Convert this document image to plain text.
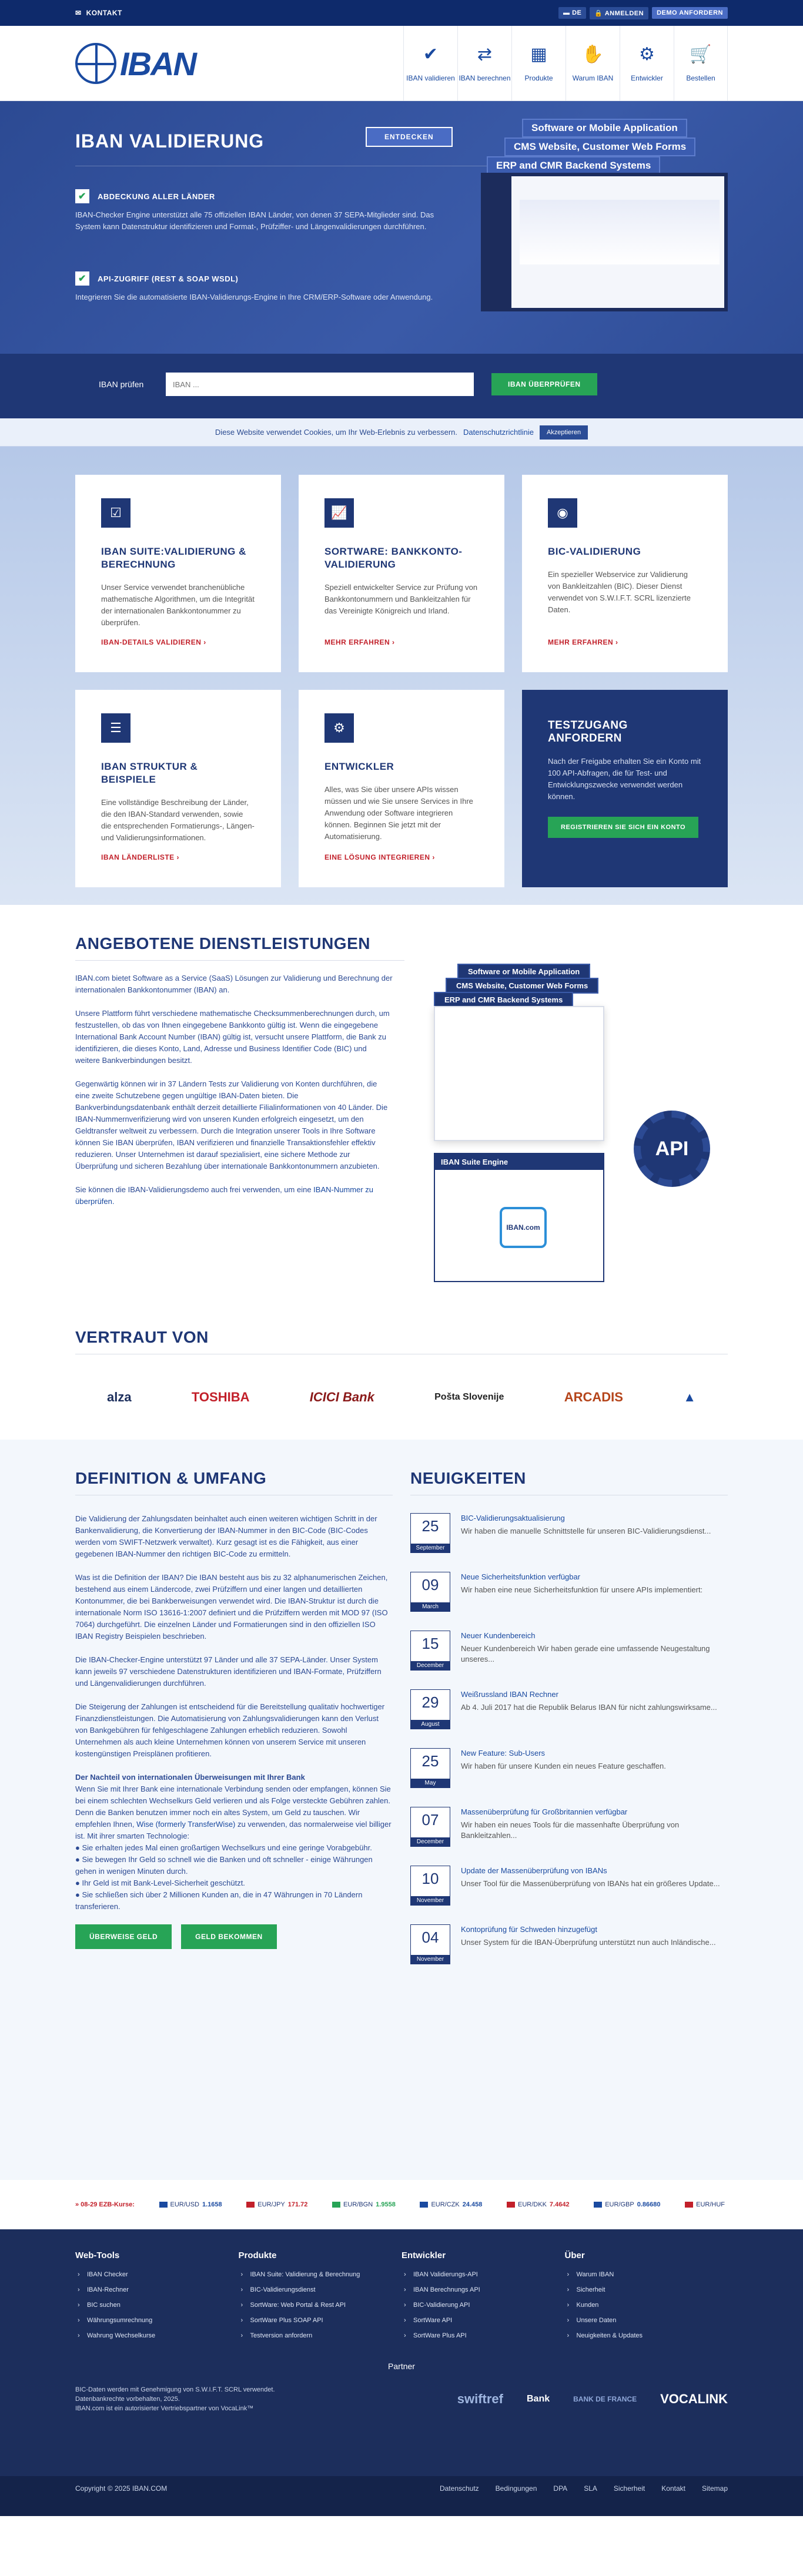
✉ KONTAKT	▬ DE	🔒 ANMELDEN	DEMO ANFORDERN
IBAN	✔
IBAN validieren
⇄
IBAN berechnen
▦
Produkte
✋
Warum IBAN
⚙
Entwickler
🛒
Bestellen
IBAN VALIDIERUNG	ENTDECKEN
✔	ABDECKUNG ALLER LÄNDER

IBAN-Checker Engine unterstützt alle 75 offiziellen IBAN Länder, von denen 37 SEPA-Mitglieder sind. Das System kann Datenstruktur identifizieren und Format-, Prüfziffer- und Längenvalidierungen durchführen.

✔	API-ZUGRIFF (REST & SOAP WSDL)

Integrieren Sie die automatisierte IBAN-Validierungs-Engine in Ihre CRM/ERP-Software oder Anwendung.

Software or Mobile Application
CMS Website, Customer Web Forms
ERP and CMR Backend Systems
IBAN prüfen
IBAN ...	IBAN ÜBERPRÜFEN
Diese Website verwendet Cookies, um Ihr Web-Erlebnis zu verbessern. Datenschutzrichtlinie	Akzeptieren
☑
IBAN SUITE:VALIDIERUNG & BERECHNUNG

Unser Service verwendet branchenübliche mathematische Algorithmen, um die Integrität der internationalen Bankkontonummer zu überprüfen.

IBAN-DETAILS VALIDIEREN ›
📈
SORTWARE: BANKKONTO-VALIDIERUNG

Speziell entwickelter Service zur Prüfung von Bankkontonummern und Bankleitzahlen für das Vereinigte Königreich und Irland.

MEHR ERFAHREN ›
◉
BIC-VALIDIERUNG

Ein spezieller Webservice zur Validierung von Bankleitzahlen (BIC). Dieser Dienst verwendet von S.W.I.F.T. SCRL lizenzierte Daten.

MEHR ERFAHREN ›
☰
IBAN STRUKTUR & BEISPIELE

Eine vollständige Beschreibung der Länder, die den IBAN-Standard verwenden, sowie die entsprechenden Formatierungs-, Längen- und Validierungsinformationen.

IBAN LÄNDERLISTE ›
⚙
ENTWICKLER

Alles, was Sie über unsere APIs wissen müssen und wie Sie unsere Services in Ihre Anwendung oder Software integrieren können. Beginnen Sie jetzt mit der Automatisierung.

EINE LÖSUNG INTEGRIEREN ›
TESTZUGANG ANFORDERN

Nach der Freigabe erhalten Sie ein Konto mit 100 API-Abfragen, die für Test- und Entwicklungszwecke verwendet werden können.

REGISTRIEREN SIE SICH EIN KONTO
ANGEBOTENE DIENSTLEISTUNGEN

IBAN.com bietet Software as a Service (SaaS) Lösungen zur Validierung und Berechnung der internationalen Bankkontonummer (IBAN) an.

Unsere Plattform führt verschiedene mathematische Checksummenberechnungen durch, um festzustellen, ob das von Ihnen eingegebene Bankkonto gültig ist. Wenn die eingegebene International Bank Account Number (IBAN) gültig ist, versucht unsere Plattform, die Bank zu identifizieren, die dieses Konto, Land, Adresse und Business Identifier Code (BIC) und weitere Bankverbindungen besitzt.

Gegenwärtig können wir in 37 Ländern Tests zur Validierung von Konten durchführen, die eine zweite Schutzebene gegen ungültige IBAN-Daten bieten. Die Bankverbindungsdatenbank enthält derzeit detaillierte Filialinformationen von 40 Länder. Die IBAN-Nummernverifizierung wird von unseren Kunden erfolgreich eingesetzt, um den Geldtransfer weltweit zu verbessern. Durch die Integration unserer Tools in Ihre Software können Sie IBAN überprüfen, IBAN verifizieren und finanzielle Transaktionsfehler effektiv reduzieren. Unser Unternehmen ist darauf spezialisiert, eine sichere Methode zur Überprüfung und sicheren Bezahlung über internationale Bankkontonummern anzubieten.

Sie können die IBAN-Validierungsdemo auch frei verwenden, um eine IBAN-Nummer zu überprüfen.

Software or Mobile Application
CMS Website, Customer Web Forms
ERP and CMR Backend Systems
API
IBAN Suite Engine
IBAN.com
VERTRAUT VON
alza	TOSHIBA	ICICI Bank	Pošta Slovenije	ARCADIS	▲
DEFINITION & UMFANG

Die Validierung der Zahlungsdaten beinhaltet auch einen weiteren wichtigen Schritt in der Bankenvalidierung, die Konvertierung der IBAN-Nummer in den BIC-Code (BIC-Codes werden vom SWIFT-Netzwerk verwaltet). Kurz gesagt ist es die Fähigkeit, aus einer gegebenen IBAN-Nummer den richtigen BIC-Code zu ermitteln.

Was ist die Definition der IBAN? Die IBAN besteht aus bis zu 32 alphanumerischen Zeichen, bestehend aus einem Ländercode, zwei Prüfziffern und einer langen und detaillierten Kontonummer, die bei Bankberweisungen verwendet wird. Die IBAN-Struktur ist durch die internationale Norm ISO 13616-1:2007 definiert und die Prüfziffern werden mit MOD 97 (ISO 7064) durchgeführt. Die einzelnen Länder und Formatierungen sind in den offiziellen ISO IBAN Registry Beispielen beschrieben.

Die IBAN-Checker-Engine unterstützt 97 Länder und alle 37 SEPA-Länder. Unser System kann jeweils 97 verschiedene Datenstrukturen identifizieren und IBAN-Formate, Prüfziffern und Längenvalidierungen durchführen.

Die Steigerung der Zahlungen ist entscheidend für die Bereitstellung qualitativ hochwertiger Finanzdienstleistungen. Die Automatisierung von Zahlungsvalidierungen kann den Verlust von Bankgebühren für fehlgeschlagene Zahlungen erheblich reduzieren. Sowohl Unternehmen als auch kleine Unternehmen können von unserem Service mit unseren kostengünstigen Preisplänen profitieren.

Der Nachteil von internationalen Überweisungen mit Ihrer Bank

Wenn Sie mit Ihrer Bank eine internationale Verbindung senden oder empfangen, können Sie bei einem schlechten Wechselkurs Geld verlieren und als Folge versteckte Gebühren zahlen. Denn die Banken benutzen immer noch ein altes System, um Geld zu tauschen. Wir empfehlen Ihnen, Wise (formerly TransferWise) zu verwenden, das normalerweise viel billiger ist. Mit ihrer smarten Technologie:
● Sie erhalten jedes Mal einen großartigen Wechselkurs und eine geringe Vorabgebühr.
● Sie bewegen Ihr Geld so schnell wie die Banken und oft schneller - einige Währungen gehen in wenigen Minuten durch.
● Ihr Geld ist mit Bank-Level-Sicherheit geschützt.
● Sie schließen sich über 2 Millionen Kunden an, die in 47 Währungen in 70 Ländern transferieren.

ÜBERWEISE GELD	GELD BEKOMMEN
NEUIGKEITEN
25
September
BIC-Validierungsaktualisierung
Wir haben die manuelle Schnittstelle für unseren BIC-Validierungsdienst...
09
March
Neue Sicherheitsfunktion verfügbar
Wir haben eine neue Sicherheitsfunktion für unsere APIs implementiert:
15
December
Neuer Kundenbereich
Neuer Kundenbereich Wir haben gerade eine umfassende Neugestaltung unseres...
29
August
Weißrussland IBAN Rechner
Ab 4. Juli 2017 hat die Republik Belarus IBAN für nicht zahlungswirksame...
25
May
New Feature: Sub-Users
Wir haben für unsere Kunden ein neues Feature geschaffen.
07
December
Massenüberprüfung für Großbritannien verfügbar
Wir haben ein neues Tools für die massenhafte Überprüfung von Bankleitzahlen...
10
November
Update der Massenüberprüfung von IBANs
Unser Tool für die Massenüberprüfung von IBANs hat ein größeres Update...
04
November
Kontoprüfung für Schweden hinzugefügt
Unser System für die IBAN-Überprüfung unterstützt nun auch Inländische...
» 08-29 EZB-Kurse:	EUR/USD 1.1658	EUR/JPY 171.72	EUR/BGN 1.9558	EUR/CZK 24.458	EUR/DKK 7.4642	EUR/GBP 0.86680	EUR/HUF
Web-Tools
› IBAN Checker
› IBAN-Rechner
› BIC suchen
› Währungsumrechnung
› Wahrung Wechselkurse
Produkte
› IBAN Suite: Validierung & Berechnung
› BIC-Validierungsdienst
› SortWare: Web Portal & Rest API
› SortWare Plus SOAP API
› Testversion anfordern
Entwickler
› IBAN Validierungs-API
› IBAN Berechnungs API
› BIC-Validierung API
› SortWare API
› SortWare Plus API
Über
› Warum IBAN
› Sicherheit
› Kunden
› Unsere Daten
› Neuigkeiten & Updates
Partner
BIC-Daten werden mit Genehmigung von S.W.I.F.T. SCRL verwendet. Datenbankrechte vorbehalten, 2025.
IBAN.com ist ein autorisierter Vertriebspartner von VocaLink™
swiftref	Bank	BANK DE FRANCE VOCALINK
Copyright © 2025 IBAN.COM	Datenschutz Bedingungen DPA SLA Sicherheit Kontakt Sitemap
